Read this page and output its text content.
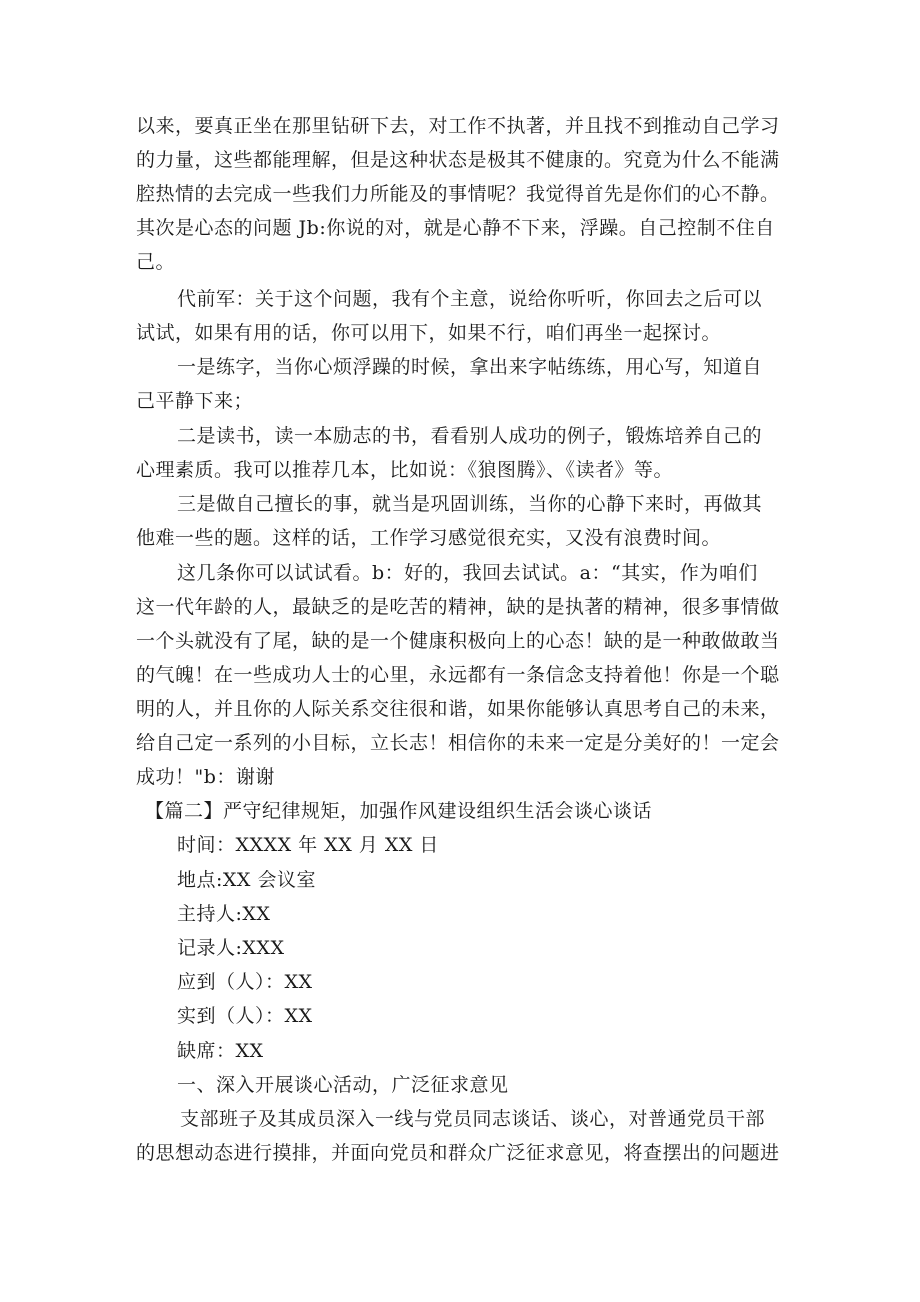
以来，要真正坐在那里钻研下去，对工作不执著，并且找不到推动自己学习
的力量，这些都能理解，但是这种状态是极其不健康的。究竟为什么不能满
腔热情的去完成一些我们力所能及的事情呢？我觉得首先是你们的心不静。
其次是心态的问题 Jb:你说的对，就是心静不下来，浮躁。自己控制不住自
己。
代前军：关于这个问题，我有个主意，说给你听听，你回去之后可以
试试，如果有用的话，你可以用下，如果不行，咱们再坐一起探讨。
一是练字，当你心烦浮躁的时候，拿出来字帖练练，用心写，知道自
己平静下来；
二是读书，读一本励志的书，看看别人成功的例子，锻炼培养自己的
心理素质。我可以推荐几本，比如说：《狼图腾》、《读者》等。
三是做自己擅长的事，就当是巩固训练，当你的心静下来时，再做其
他难一些的题。这样的话，工作学习感觉很充实，又没有浪费时间。
这几条你可以试试看。b：好的，我回去试试。a：“其实，作为咱们
这一代年龄的人，最缺乏的是吃苦的精神，缺的是执著的精神，很多事情做
一个头就没有了尾，缺的是一个健康积极向上的心态！缺的是一种敢做敢当
的气魄！在一些成功人士的心里，永远都有一条信念支持着他！你是一个聪
明的人，并且你的人际关系交往很和谐，如果你能够认真思考自己的未来，
给自己定一系列的小目标，立长志！相信你的未来一定是分美好的！一定会
成功！"b：谢谢
【篇二】严守纪律规矩，加强作风建设组织生活会谈心谈话
时间：XXXX 年 XX 月 XX 日
地点:XX 会议室
主持人:XX
记录人:XXX
应到（人）：XX
实到（人）：XX
缺席：XX
一、深入开展谈心活动，广泛征求意见
支部班子及其成员深入一线与党员同志谈话、谈心，对普通党员干部
的思想动态进行摸排，并面向党员和群众广泛征求意见，将查摆出的问题进
